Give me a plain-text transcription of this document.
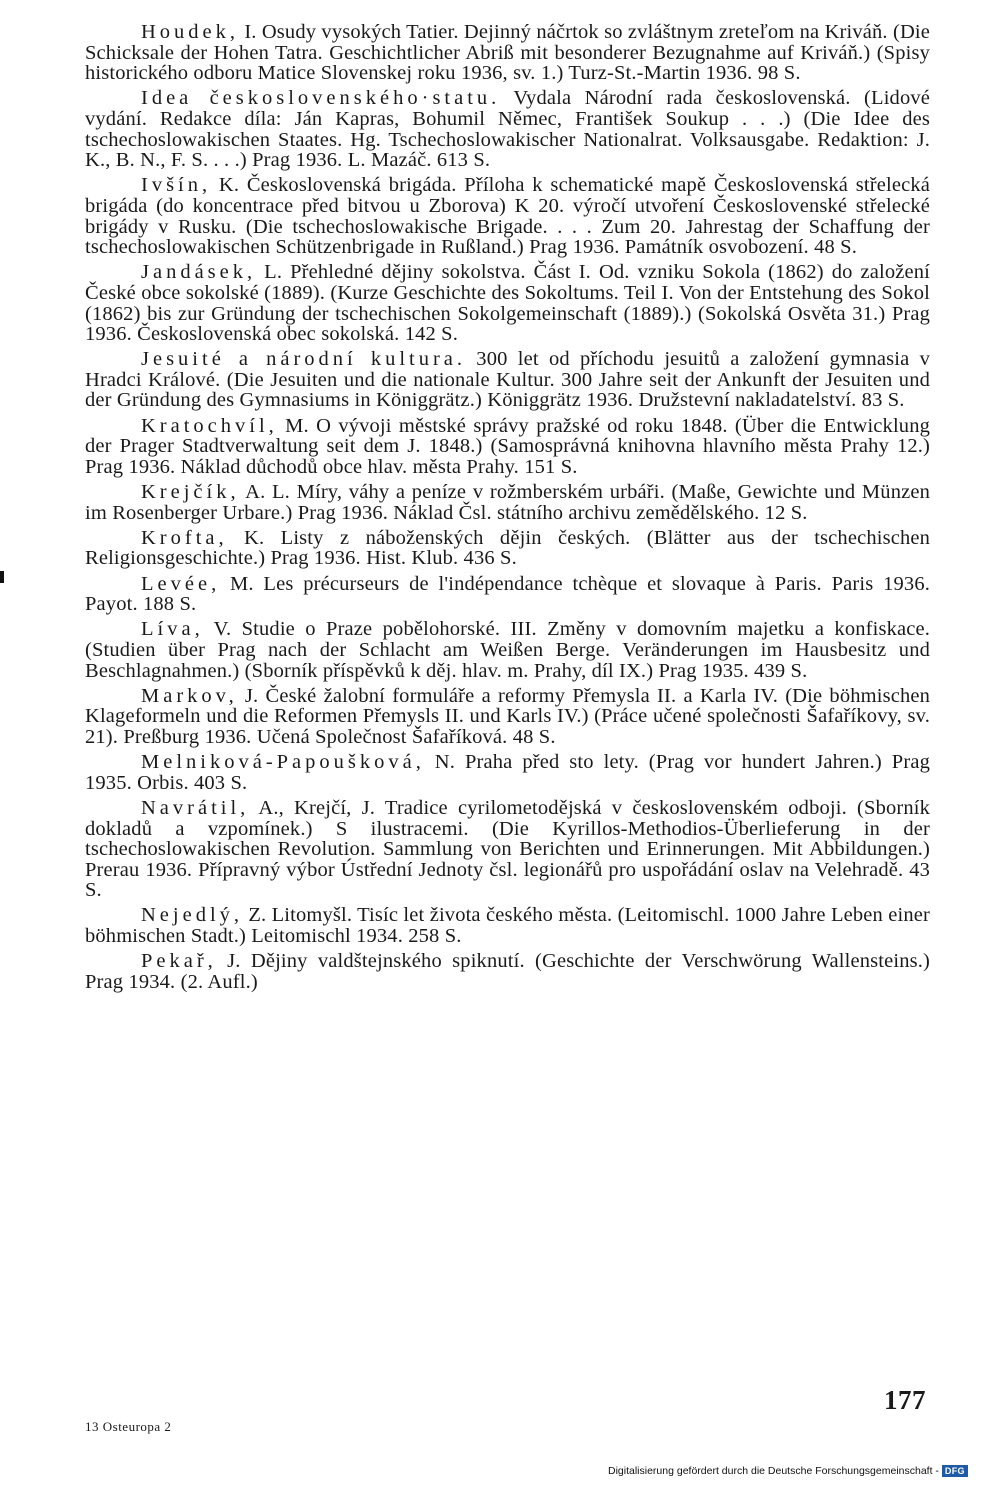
Houdek, I. Osudy vysokých Tatier. Dejinný náčrtok so zvláštnym zreteľom na Kriváň. (Die Schicksale der Hohen Tatra. Geschichtlicher Abriß mit besonderer Bezugnahme auf Kriváň.) (Spisy historického odboru Matice Slovenskej roku 1936, sv. 1.) Turz-St.-Martin 1936. 98 S.

Idea československého·statu. Vydala Národní rada československá. (Lidové vydání. Redakce díla: Ján Kapras, Bohumil Němec, František Soukup . . .) (Die Idee des tschechoslowakischen Staates. Hg. Tschechoslowakischer Nationalrat. Volksausgabe. Redaktion: J. K., B. N., F. S. . . .) Prag 1936. L. Mazáč. 613 S.

Ivšín, K. Československá brigáda. Příloha k schematické mapě Československá střelecká brigáda (do koncentrace před bitvou u Zborova) K 20. výročí utvoření Československé střelecké brigády v Rusku. (Die tschechoslowakische Brigade. . . . Zum 20. Jahrestag der Schaffung der tschechoslowakischen Schützenbrigade in Rußland.) Prag 1936. Památník osvobození. 48 S.

Jandásek, L. Přehledné dějiny sokolstva. Část I. Od. vzniku Sokola (1862) do založení České obce sokolské (1889). (Kurze Geschichte des Sokoltums. Teil I. Von der Entstehung des Sokol (1862) bis zur Gründung der tschechischen Sokolgemeinschaft (1889).) (Sokolská Osvěta 31.) Prag 1936. Československá obec sokolská. 142 S.

Jesuité a národní kultura. 300 let od příchodu jesuitů a založení gymnasia v Hradci Králové. (Die Jesuiten und die nationale Kultur. 300 Jahre seit der Ankunft der Jesuiten und der Gründung des Gymnasiums in Königgrätz.) Königgrätz 1936. Družstevní nakladatelství. 83 S.

Kratochvíl, M. O vývoji městské správy pražské od roku 1848. (Über die Entwicklung der Prager Stadtverwaltung seit dem J. 1848.) (Samosprávná knihovna hlavního města Prahy 12.) Prag 1936. Náklad důchodů obce hlav. města Prahy. 151 S.

Krejčík, A. L. Míry, váhy a peníze v rožmberském urbáři. (Maße, Gewichte und Münzen im Rosenberger Urbare.) Prag 1936. Náklad Čsl. státního archivu zemědělského. 12 S.

Krofta, K. Listy z náboženských dějin českých. (Blätter aus der tschechischen Religionsgeschichte.) Prag 1936. Hist. Klub. 436 S.

Levée, M. Les précurseurs de l'indépendance tchèque et slovaque à Paris. Paris 1936. Payot. 188 S.

Líva, V. Studie o Praze pobělohorské. III. Změny v domovním majetku a konfiskace. (Studien über Prag nach der Schlacht am Weißen Berge. Veränderungen im Hausbesitz und Beschlagnahmen.) (Sborník příspěvků k děj. hlav. m. Prahy, díl IX.) Prag 1935. 439 S.

Markov, J. České žalobní formuláře a reformy Přemysla II. a Karla IV. (Die böhmischen Klageformeln und die Reformen Přemysls II. und Karls IV.) (Práce učené společnosti Šafaříkovy, sv. 21). Preßburg 1936. Učená Společnost Šafaříková. 48 S.

Melniková-Papoušková, N. Praha před sto lety. (Prag vor hundert Jahren.) Prag 1935. Orbis. 403 S.

Navrátil, A., Krejčí, J. Tradice cyrilometodějská v československém odboji. (Sborník dokladů a vzpomínek.) S ilustracemi. (Die Kyrillos-Methodios-Überlieferung in der tschechoslowakischen Revolution. Sammlung von Berichten und Erinnerungen. Mit Abbildungen.) Prerau 1936. Přípravný výbor Ústřední Jednoty čsl. legionářů pro uspořádání oslav na Velehradě. 43 S.

Nejedlý, Z. Litomyšl. Tisíc let života českého města. (Leitomischl. 1000 Jahre Leben einer böhmischen Stadt.) Leitomischl 1934. 258 S.

Pekař, J. Dějiny valdštejnského spiknutí. (Geschichte der Verschwörung Wallensteins.) Prag 1934. (2. Aufl.)

177
13 Osteuropa 2
Digitalisierung gefördert durch die Deutsche Forschungsgemeinschaft - DFG
